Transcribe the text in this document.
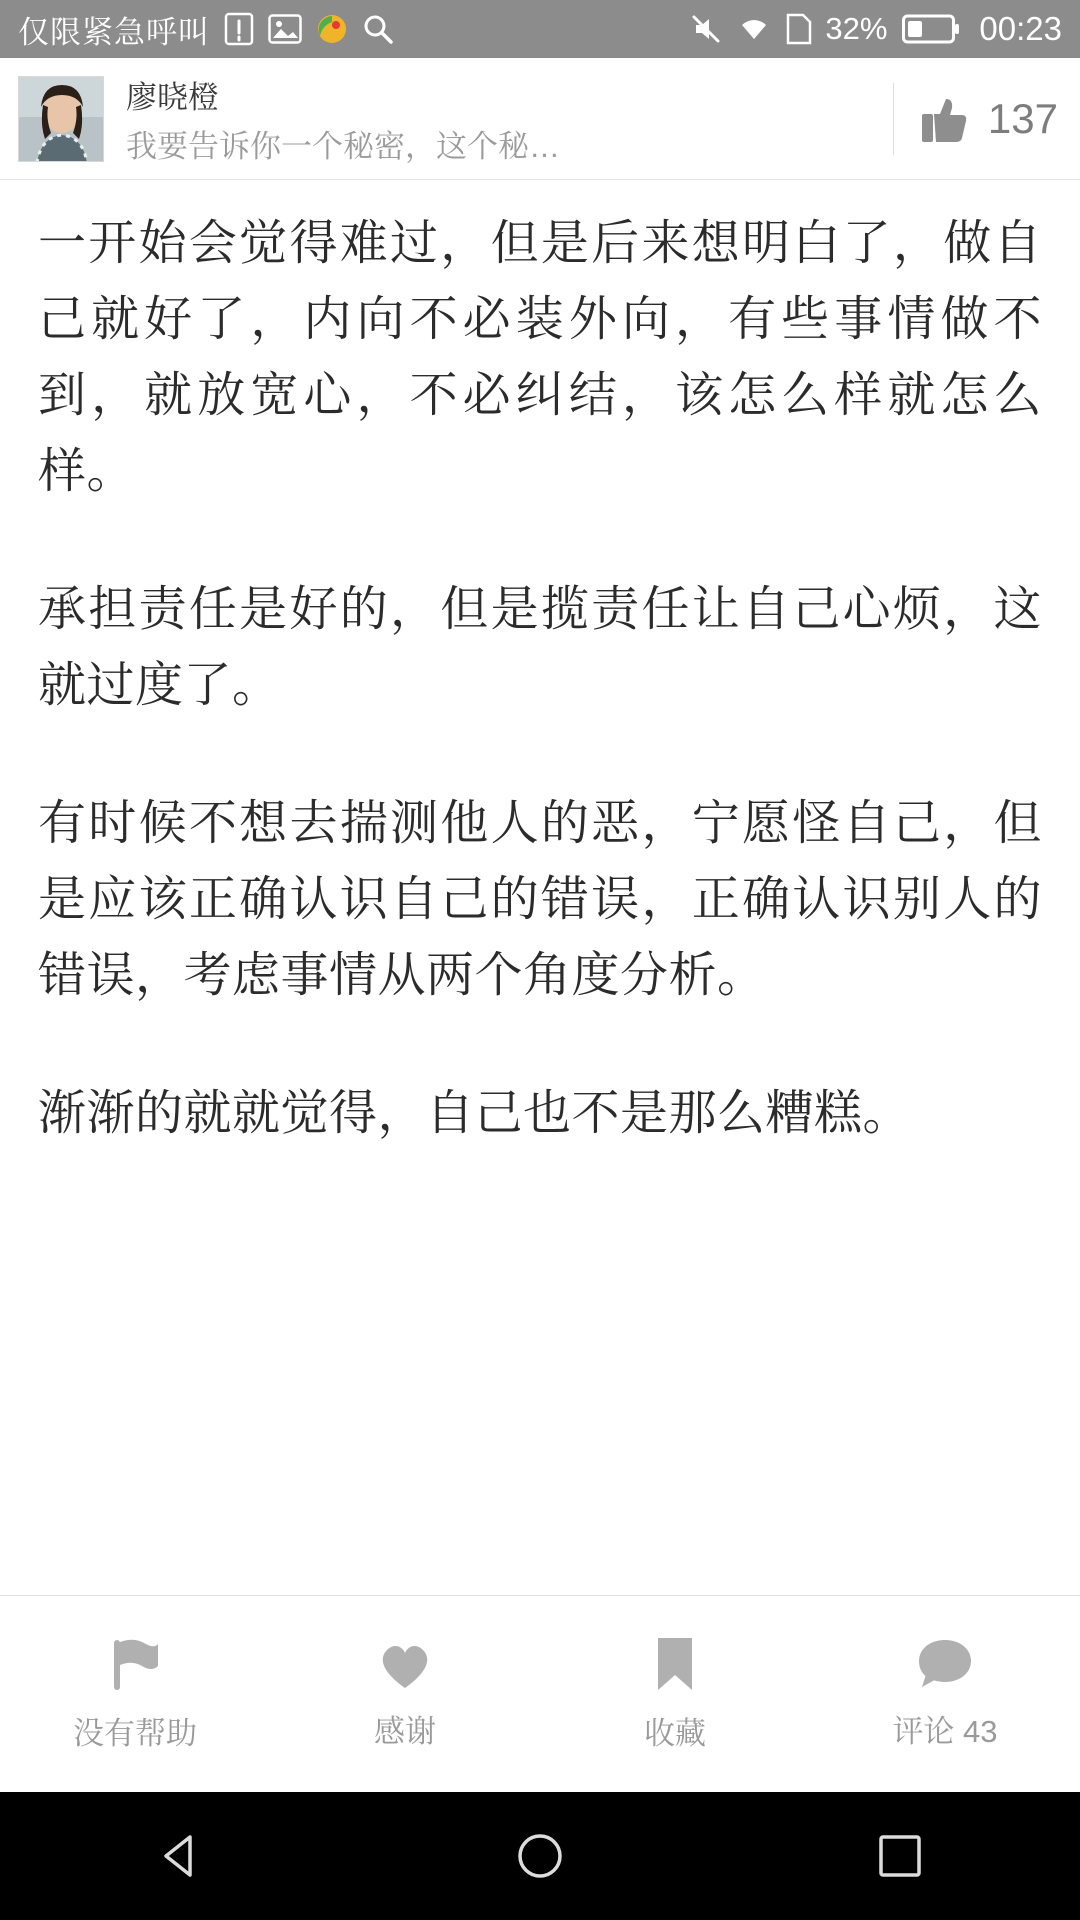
仅限紧急呼叫	32%	00:23
廖晓橙
我要告诉你一个秘密，这个秘…
137

一开始会觉得难过，但是后来想明白了，做自己就好了，内向不必装外向，有些事情做不到，就放宽心，不必纠结，该怎么样就怎么样。

承担责任是好的，但是揽责任让自己心烦，这就过度了。

有时候不想去揣测他人的恶，宁愿怪自己，但是应该正确认识自己的错误，正确认识别人的错误，考虑事情从两个角度分析。

渐渐的就就觉得，自己也不是那么糟糕。

没有帮助	感谢	收藏	评论 43
